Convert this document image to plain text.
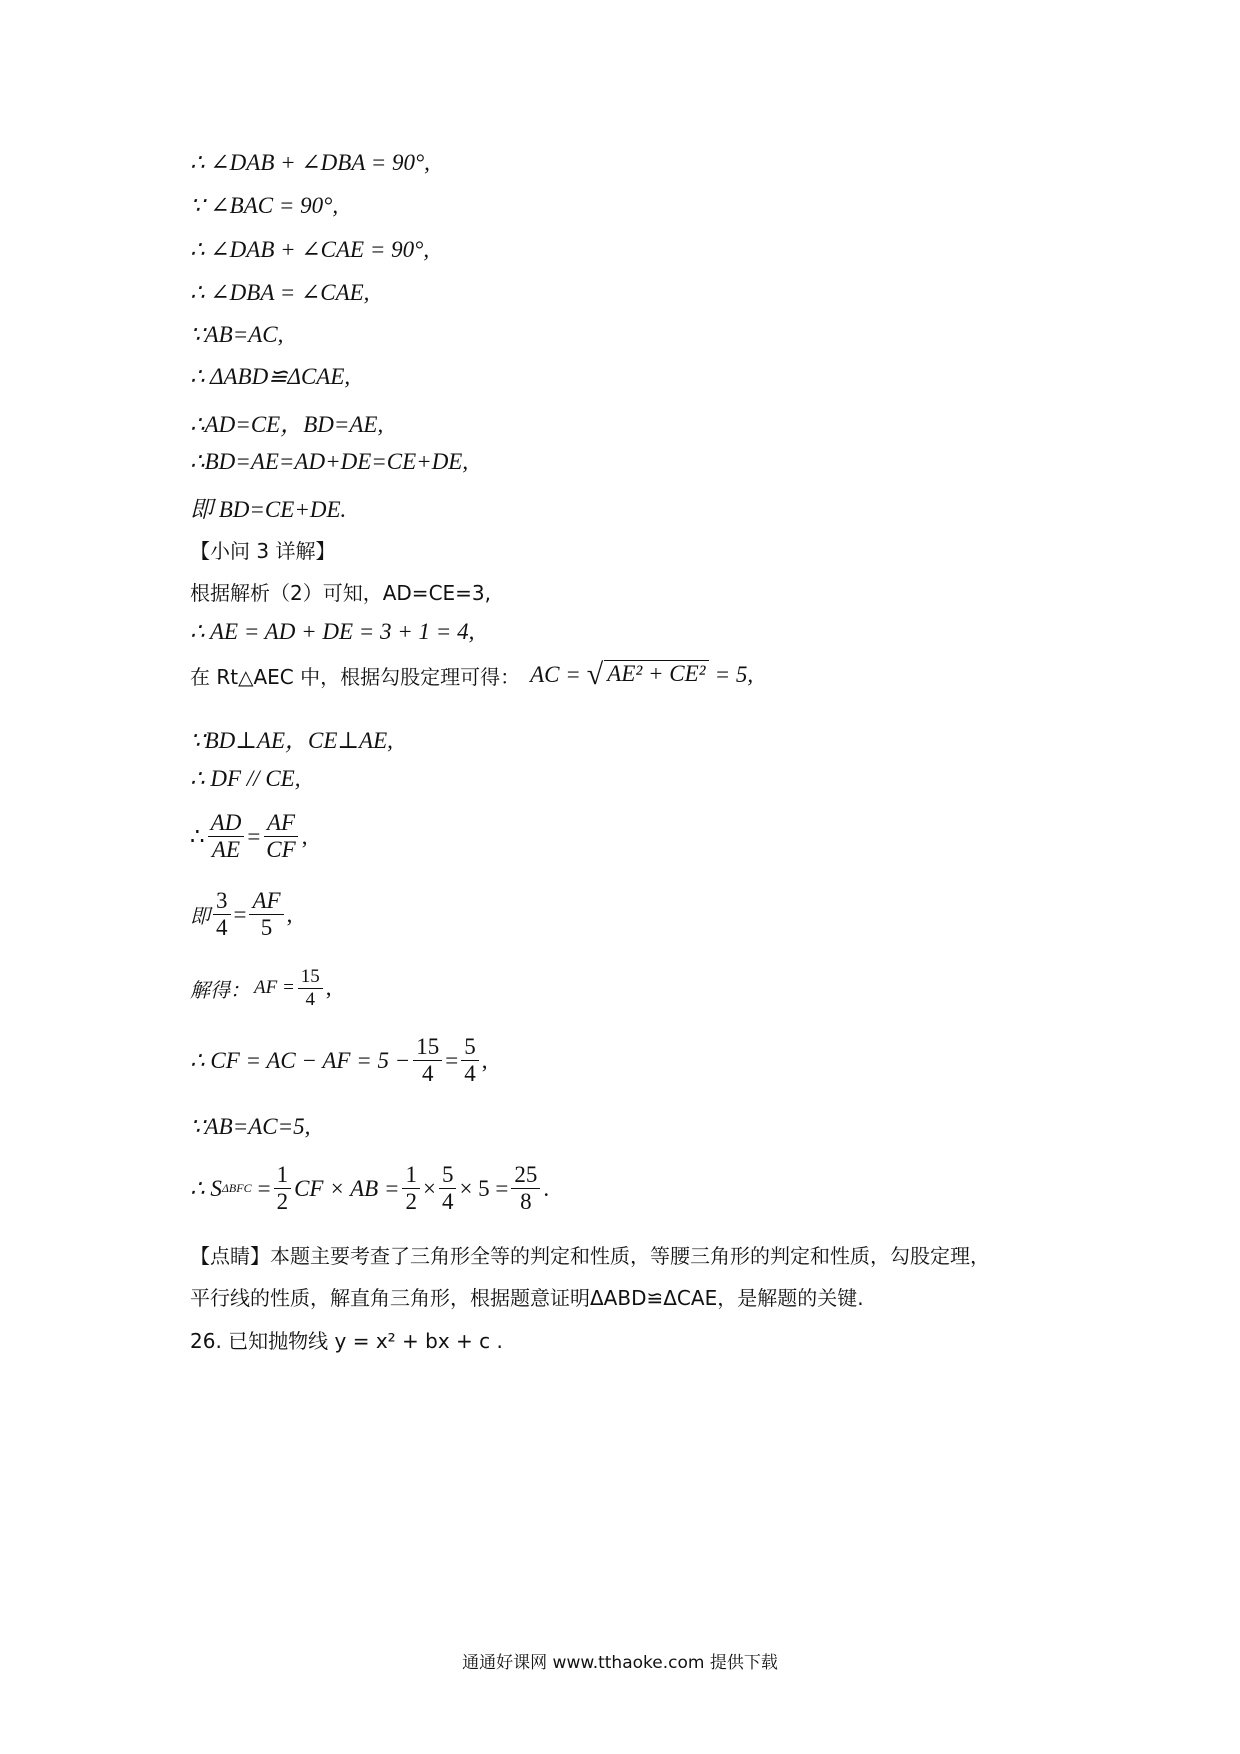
∴ ∠DAB + ∠DBA = 90°,
∵ ∠BAC = 90°,
∴ ∠DAB + ∠CAE = 90°,
∴ ∠DBA = ∠CAE,
∵AB=AC,
∴ ΔABD≌ΔCAE,
∴AD=CE，BD=AE,
∴BD=AE=AD+DE=CE+DE,
即 BD=CE+DE.
【小问 3 详解】
根据解析（2）可知，AD=CE=3,
∴ AE = AD + DE = 3 + 1 = 4,
在 Rt△AEC 中，根据勾股定理可得： AC = √ AE² + CE² = 5,
∵BD⊥AE，CE⊥AE,
∴ DF // CE,
∴ $\frac{AD}{AE} = \frac{AF}{CF}$ ,
即 $\frac{3}{4} = \frac{AF}{5}$ ,
解得： AF = $\frac{15}{4}$ ,
∴ CF = AC − AF = $5 - \frac{15}{4} = \frac{5}{4}$ ,
∵AB=AC=5,
∴ S $\Delta BFC = \frac{1}{2}$ CF × AB = $\frac{1}{2} \times \frac{5}{4} \times 5 = \frac{25}{8}$ .
【点睛】本题主要考查了三角形全等的判定和性质，等腰三角形的判定和性质，勾股定理，
平行线的性质，解直角三角形，根据题意证明ΔABD≌ΔCAE，是解题的关键.
26. 已知抛物线 y = x² + bx + c .
通通好课网 www.tthaoke.com 提供下载
